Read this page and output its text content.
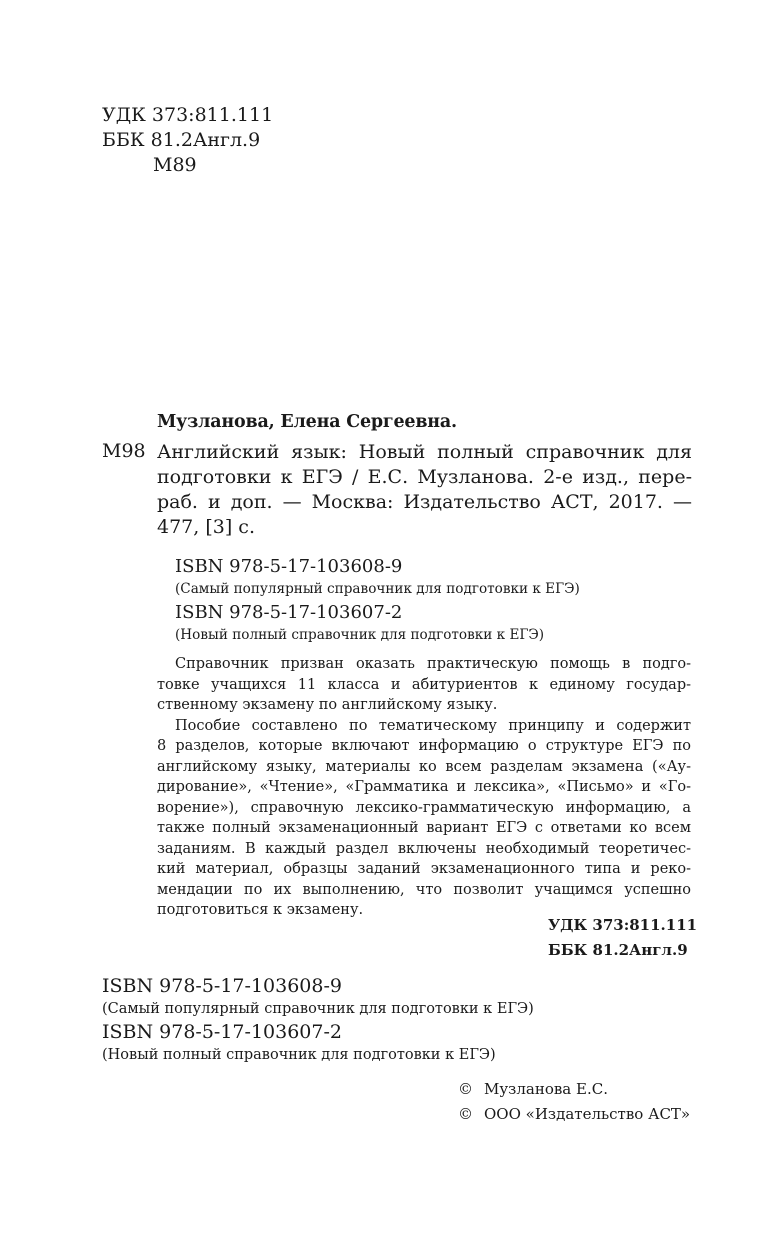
УДК 373:811.111
ББК 81.2Англ.9
М89
Музланова, Елена Сергеевна.
М98 Английский язык: Новый полный справочник для
подготовки к ЕГЭ / Е.С. Музланова. 2-е изд., пере-
раб. и доп. — Москва: Издательство АСТ, 2017. —
477, [3] с.
ISBN 978-5-17-103608-9
(Самый популярный справочник для подготовки к ЕГЭ)
ISBN 978-5-17-103607-2
(Новый полный справочник для подготовки к ЕГЭ)
Справочник призван оказать практическую помощь в подго-
товке учащихся 11 класса и абитуриентов к единому государ-
ственному экзамену по английскому языку.
Пособие составлено по тематическому принципу и содержит
8 разделов, которые включают информацию о структуре ЕГЭ по
английскому языку, материалы ко всем разделам экзамена («Ау-
дирование», «Чтение», «Грамматика и лексика», «Письмо» и «Го-
ворение»), справочную лексико-грамматическую информацию, а
также полный экзаменационный вариант ЕГЭ с ответами ко всем
заданиям. В каждый раздел включены необходимый теоретичес-
кий материал, образцы заданий экзаменационного типа и реко-
мендации по их выполнению, что позволит учащимся успешно
подготовиться к экзамену.
УДК 373:811.111
ББК 81.2Англ.9
ISBN 978-5-17-103608-9
(Самый популярный справочник для подготовки к ЕГЭ)
ISBN 978-5-17-103607-2
(Новый полный справочник для подготовки к ЕГЭ)
© Музланова Е.С.
© ООО «Издательство АСТ»
